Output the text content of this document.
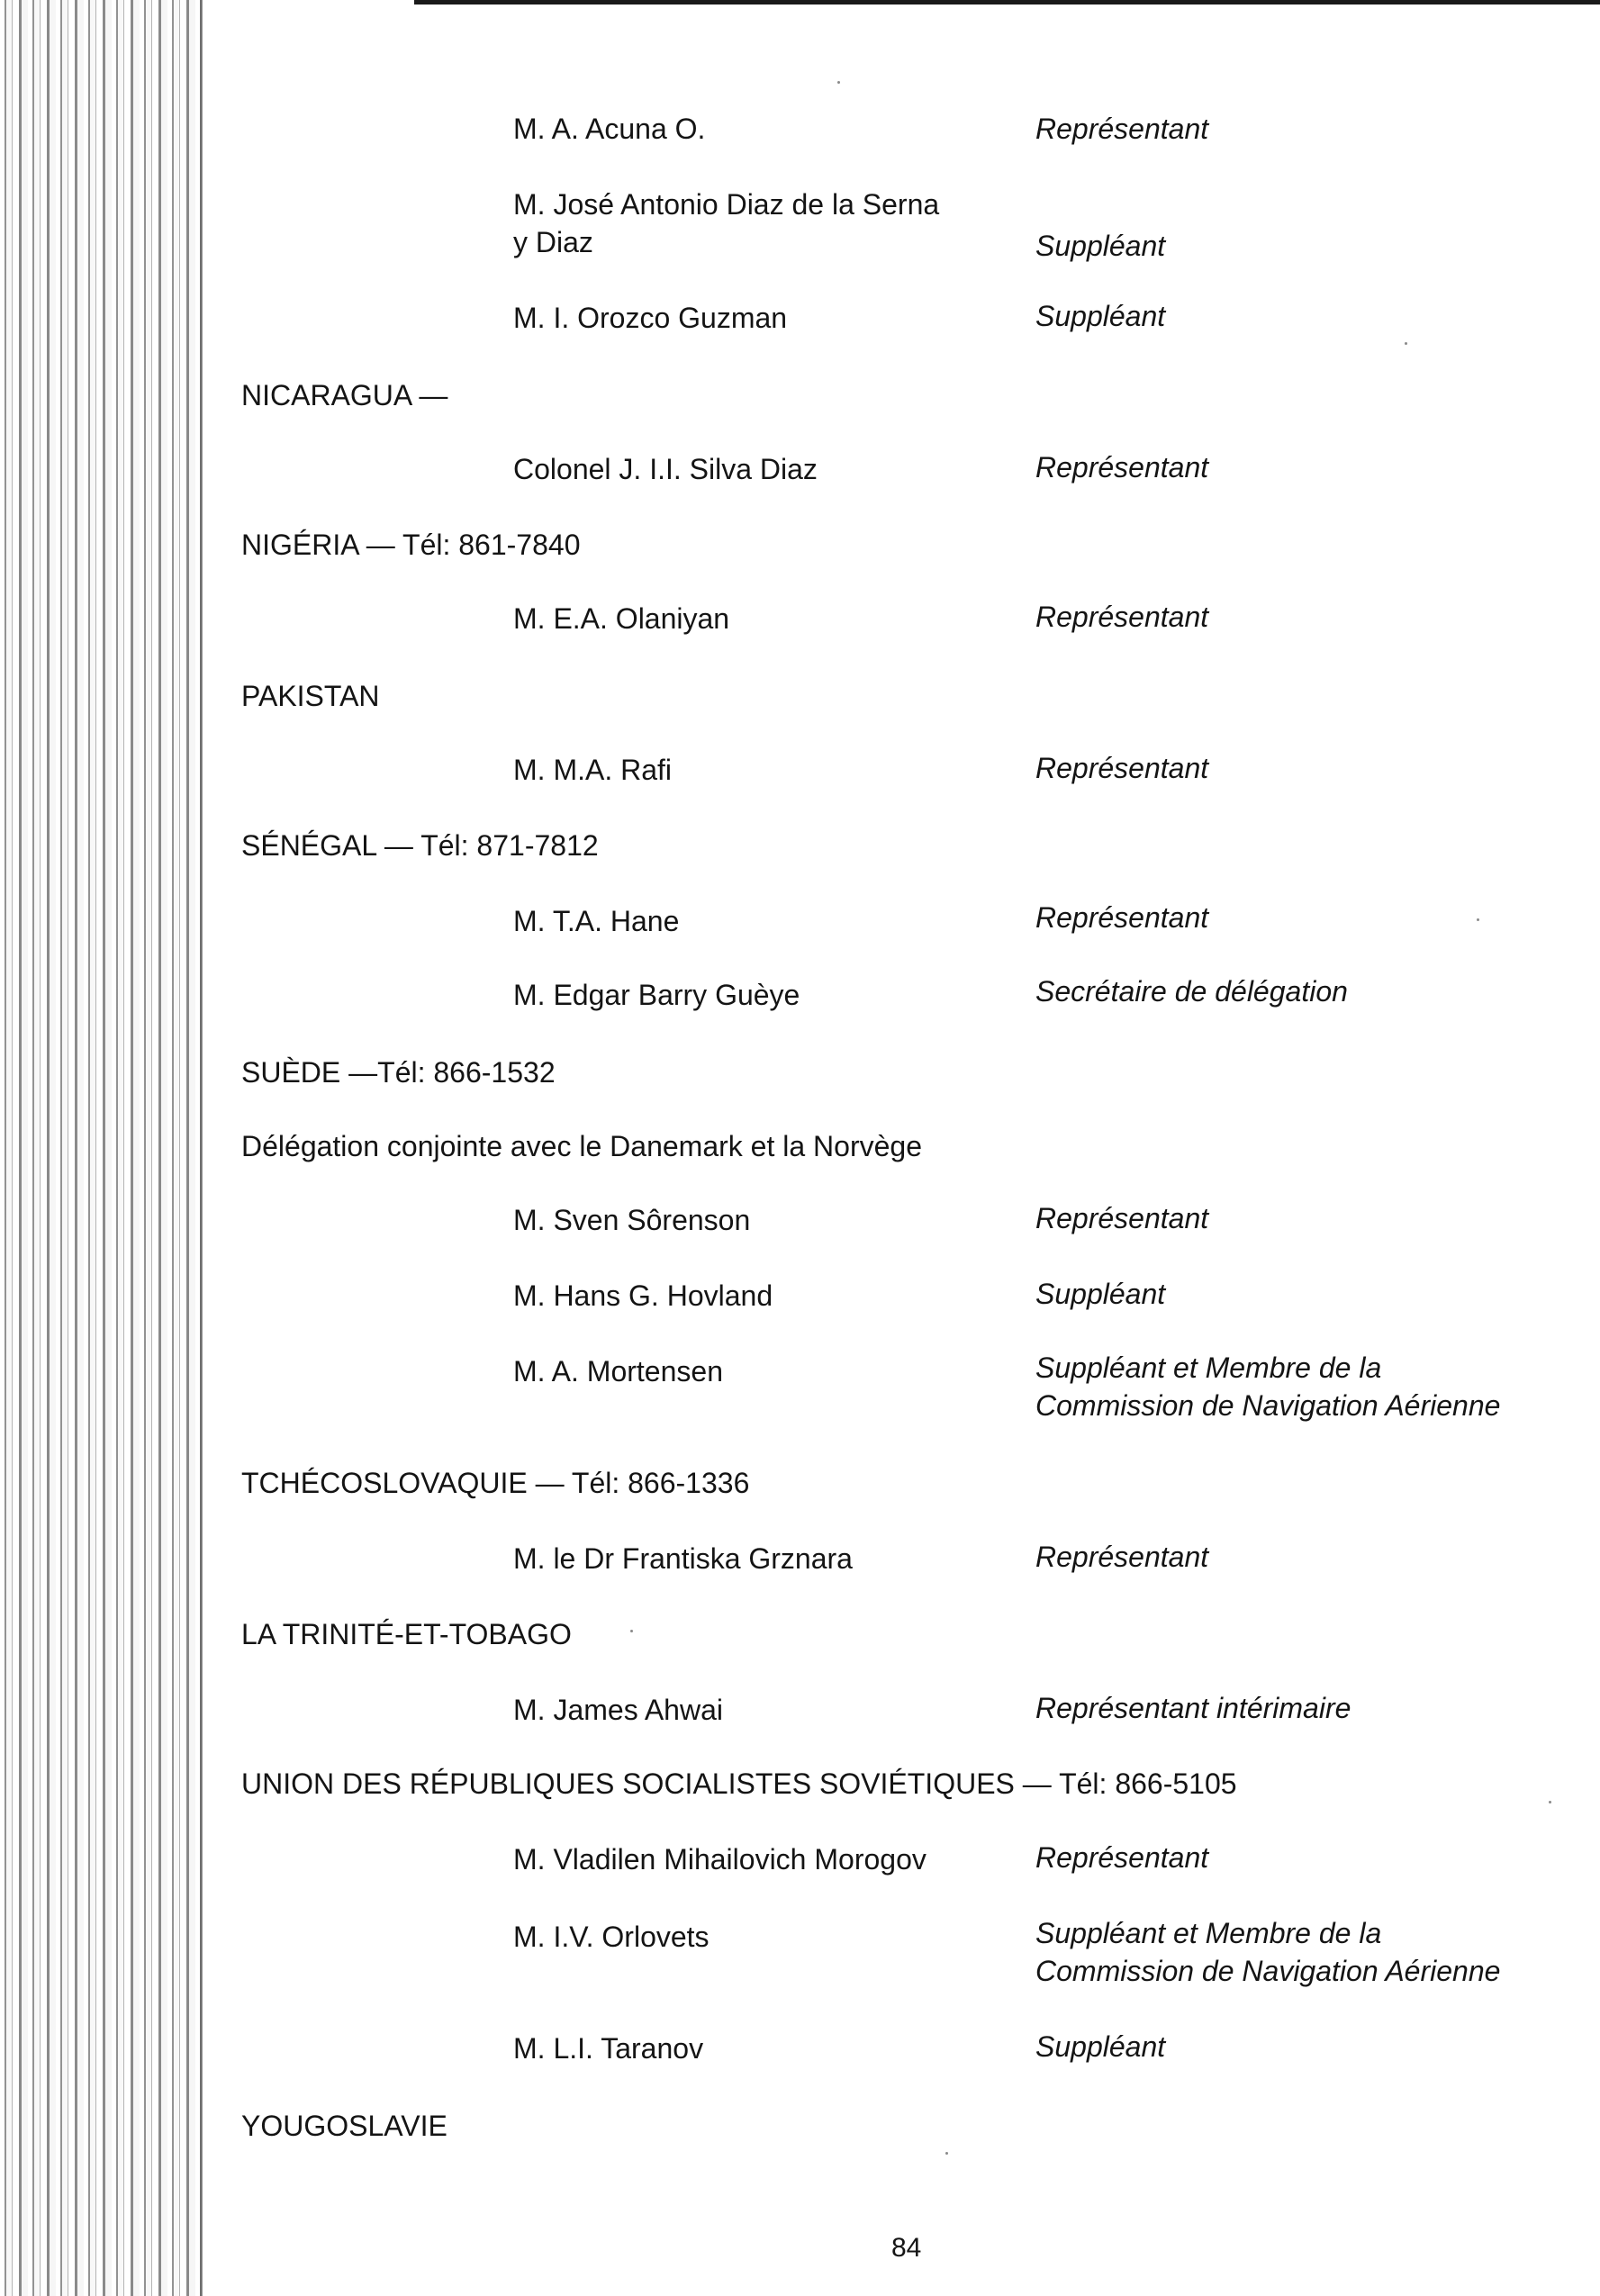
M. A. Acuna O.	Représentant
M. José Antonio Diaz de la Serna
y Diaz	Suppléant
M. I. Orozco Guzman	Suppléant
NICARAGUA —
Colonel J. I.I. Silva Diaz	Représentant
NIGÉRIA — Tél: 861-7840
M. E.A. Olaniyan	Représentant
PAKISTAN
M. M.A. Rafi	Représentant
SÉNÉGAL — Tél: 871-7812
M. T.A. Hane	Représentant
M. Edgar Barry Guèye	Secrétaire de délégation
SUÈDE —Tél: 866-1532
Délégation conjointe avec le Danemark et la Norvège
M. Sven Sôrenson	Représentant
M. Hans G. Hovland	Suppléant
M. A. Mortensen	Suppléant et Membre de la
Commission de Navigation Aérienne
TCHÉCOSLOVAQUIE — Tél: 866-1336
M. le Dr Frantiska Grznara	Représentant
LA TRINITÉ-ET-TOBAGO
M. James Ahwai	Représentant intérimaire
UNION DES RÉPUBLIQUES SOCIALISTES SOVIÉTIQUES — Tél: 866-5105
M. Vladilen Mihailovich Morogov	Représentant
M. I.V. Orlovets	Suppléant et Membre de la
Commission de Navigation Aérienne
M. L.I. Taranov	Suppléant
YOUGOSLAVIE
84
